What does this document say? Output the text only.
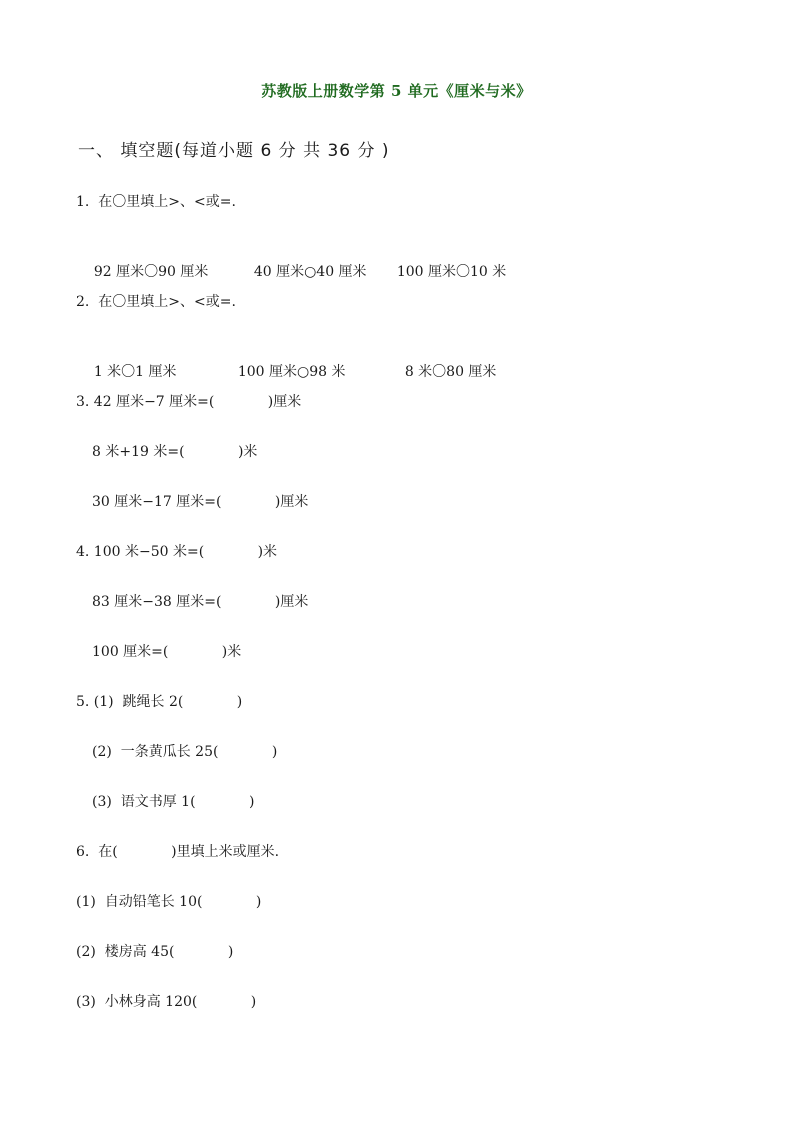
苏教版上册数学第 5 单元《厘米与米》
一、 填空题(每道小题 6 分 共 36 分 )
1.  在〇里填上>、<或=.

92 厘米〇90 厘米	40 厘米○40 厘米 100 厘米〇10 米

2.  在〇里填上>、<或=.

1 米〇1 厘米	100 厘米○98 米	8 米〇80 厘米

3. 42 厘米−7 厘米=(            )厘米
8 米+19 米=(            )米
30 厘米−17 厘米=(            )厘米
4. 100 米−50 米=(            )米
83 厘米−38 厘米=(            )厘米
100 厘米=(            )米
5. (1)  跳绳长 2(            )
(2)  一条黄瓜长 25(            )
(3)  语文书厚 1(            )
6.  在(            )里填上米或厘米.
(1)  自动铅笔长 10(            )
(2)  楼房高 45(            )
(3)  小林身高 120(            )
